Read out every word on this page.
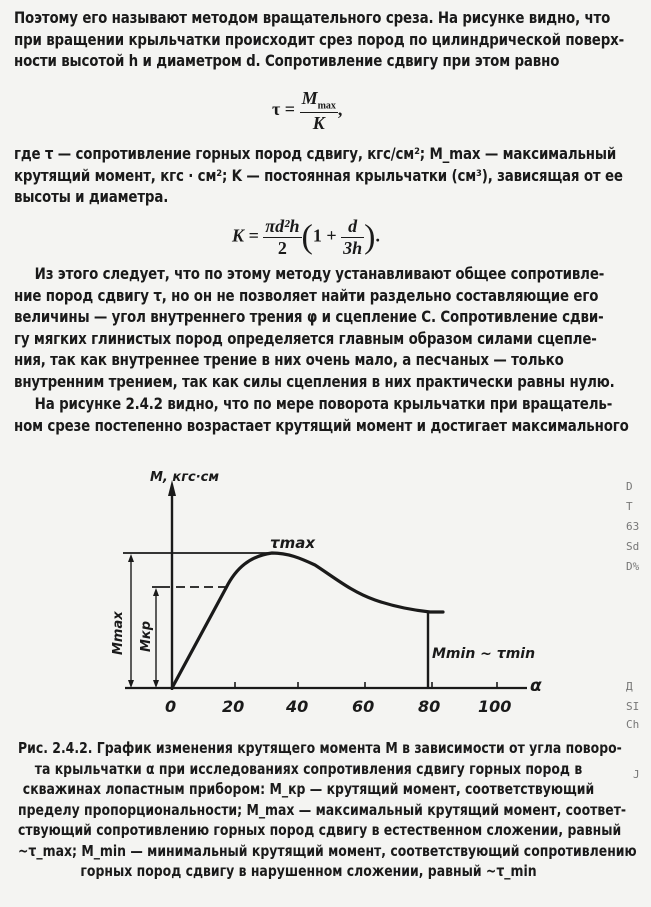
Поэтому его называют методом вращательного среза. На рисунке видно, что
при вращении крыльчатки происходит срез пород по цилиндрической поверх-
ности высотой h и диаметром d. Сопротивление сдвигу при этом равно
$\tau = \frac{M_{max}}{K}$ ,
где τ — сопротивление горных пород сдвигу, кгс/см²; M_max — максимальный
крутящий момент, кгс · см²; K — постоянная крыльчатки (см³), зависящая от ее
высоты и диаметра.
$K = \frac{\text{πd²h}}{2} (1 + \frac{d}{3h}$ ).
Из этого следует, что по этому методу устанавливают общее сопротивле-
ние пород сдвигу τ, но он не позволяет найти раздельно составляющие его
величины — угол внутреннего трения φ и сцепление C. Сопротивление сдви-
гу мягких глинистых пород определяется главным образом силами сцепле-
ния, так как внутреннее трение в них очень мало, а песчаных — только
внутренним трением, так как силы сцепления в них практически равны нулю.
На рисунке 2.4.2 видно, что по мере поворота крыльчатки при вращатель-
ном срезе постепенно возрастает крутящий момент и достигает максимального
M, кгс·см
α
0	20	40	60	80 100
Mmax Mкр
τmax
Mmin ~ τmin
D
T
63
Sd
D%
Д
SI
Ch
J
Рис. 2.4.2. График изменения крутящего момента M в зависимости от угла поворо-
та крыльчатки α при исследованиях сопротивления сдвигу горных пород в
скважинах лопастным прибором: M_кр — крутящий момент, соответствующий
пределу пропорциональности; M_max — максимальный крутящий момент, соответ-
ствующий сопротивлению горных пород сдвигу в естественном сложении, равный
~τ_max; M_min — минимальный крутящий момент, соответствующий сопротивлению
горных пород сдвигу в нарушенном сложении, равный ~τ_min
